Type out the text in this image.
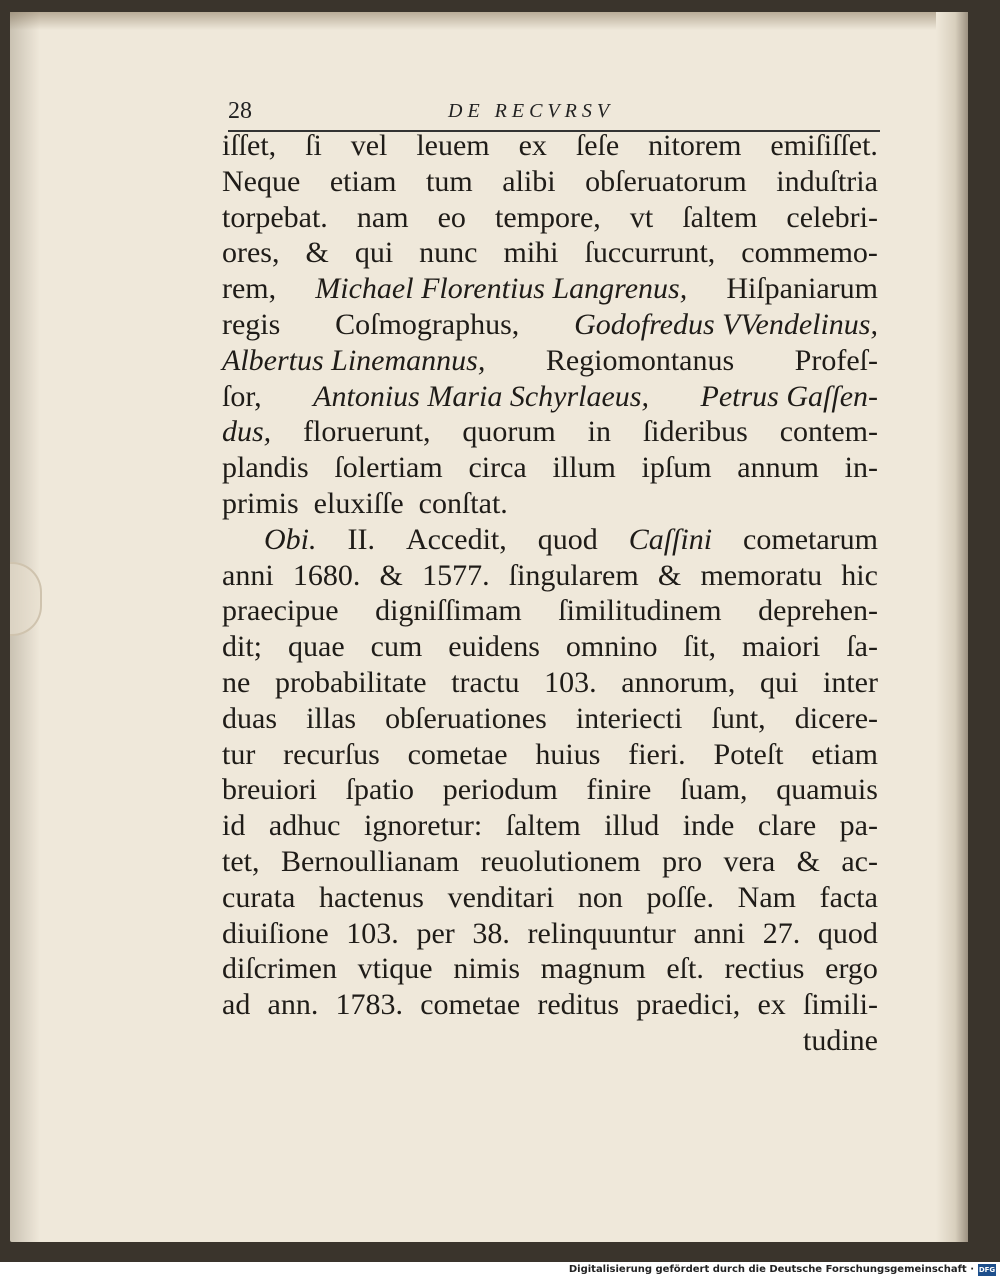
28	DE RECVRSV
iſſet, ſi vel leuem ex ſeſe nitorem emiſiſſet.
Neque etiam tum alibi obſeruatorum induſtria
torpebat. nam eo tempore, vt ſaltem celebri-
ores, & qui nunc mihi ſuccurrunt, commemo-
rem, Michael Florentius Langrenus, Hiſpaniarum
regis Coſmographus, Godofredus VVendelinus,
Albertus Linemannus, Regiomontanus Profeſ-
ſor, Antonius Maria Schyrlaeus, Petrus Gaſſen-
dus, floruerunt, quorum in ſideribus contem-
plandis ſolertiam circa illum ipſum annum in-
primis
eluxiſſe
conſtat.
Obi. II. Accedit, quod Caſſini cometarum
anni 1680. & 1577. ſingularem & memoratu hic
praecipue digniſſimam ſimilitudinem deprehen-
dit; quae cum euidens omnino ſit, maiori ſa-
ne probabilitate tractu 103. annorum, qui inter
duas illas obſeruationes interiecti ſunt, dicere-
tur recurſus cometae huius fieri. Poteſt etiam
breuiori ſpatio periodum finire ſuam, quamuis
id adhuc ignoretur: ſaltem illud inde clare pa-
tet, Bernoullianam reuolutionem pro vera & ac-
curata hactenus venditari non poſſe. Nam facta
diuiſione 103. per 38. relinquuntur anni 27. quod
diſcrimen vtique nimis magnum eſt. rectius ergo
ad ann. 1783. cometae reditus praedici, ex ſimili-
tudine
Digitalisierung gefördert durch die Deutsche Forschungsgemeinschaft · DFG
